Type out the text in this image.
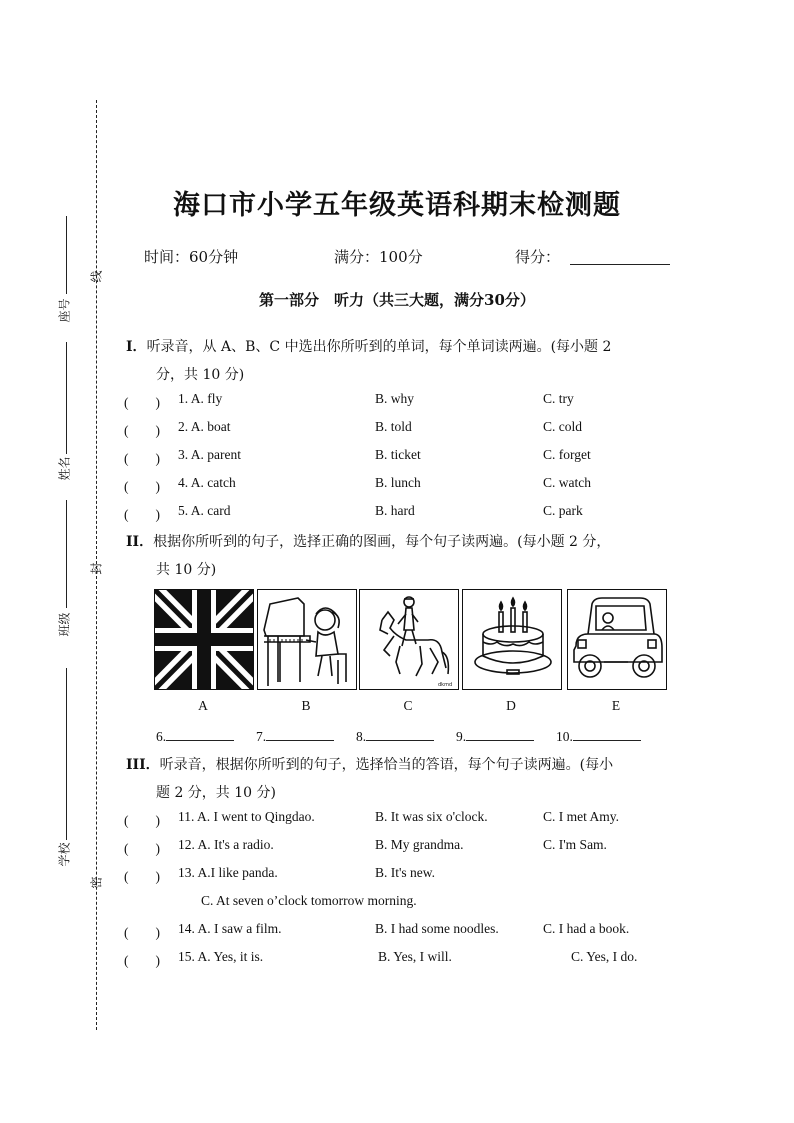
线
封
密
座号
姓名
班级
学校
海口市小学五年级英语科期末检测题
时间：60分钟	满分：100分	得分：
第一部分　听力（共三大题，满分30分）
I．听录音，从 A、B、C 中选出你所听到的单词，每个单词读两遍。(每小题 2
分，共 10 分)
(　　) 1. A. fly	B. why	C. try
(　　) 2. A. boat	B. told	C. cold
(　　) 3. A. parent	B. ticket	C. forget
(　　) 4. A. catch	B. lunch	C. watch
(　　) 5. A. card	B. hard	C. park
II．根据你所听到的句子，选择正确的图画，每个句子读两遍。(每小题 2 分，
共 10 分)
dkmd
A	B	C	D	E
6.	7.	8.	9.	10.
III．听录音，根据你所听到的句子，选择恰当的答语，每个句子读两遍。(每小
题 2 分，共 10 分)
(　　) 11. A. I went to Qingdao.	B. It was six o'clock.	C. I met Amy.
(　　) 12. A. It's a radio.	B. My grandma.	C. I'm Sam.
(　　) 13. A.I like panda.	B. It's new.
C. At seven o’clock tomorrow morning.
(　　) 14. A. I saw a film.	B. I had some noodles.	C. I had a book.
(　　) 15. A. Yes, it is.	B. Yes, I will.	C. Yes, I do.
